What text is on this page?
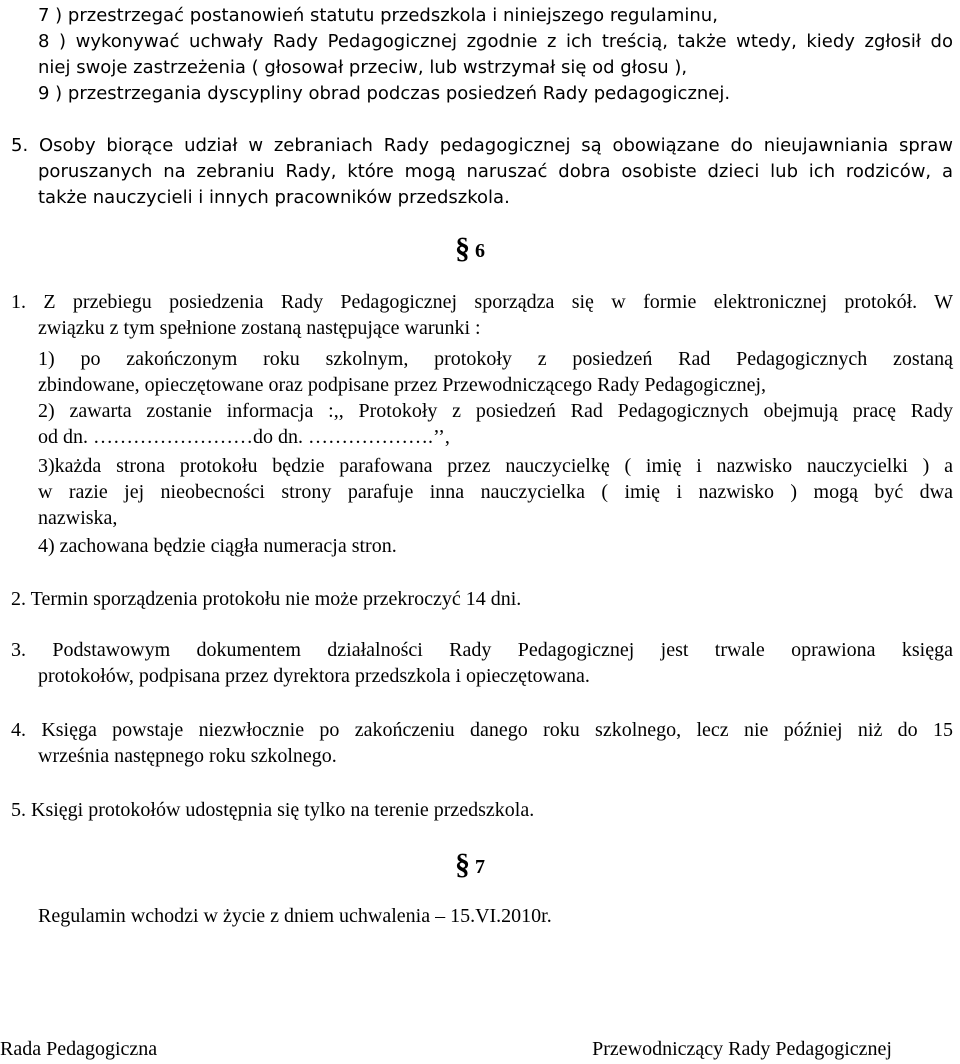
7 ) przestrzegać postanowień statutu przedszkola i niniejszego regulaminu,
8 ) wykonywać uchwały Rady Pedagogicznej zgodnie z ich treścią, także wtedy, kiedy zgłosił do
niej swoje zastrzeżenia ( głosował przeciw, lub wstrzymał się od głosu ),
9 ) przestrzegania dyscypliny obrad podczas posiedzeń Rady pedagogicznej.
5. Osoby biorące udział w zebraniach Rady pedagogicznej są obowiązane do nieujawniania spraw
poruszanych na zebraniu Rady, które mogą naruszać dobra osobiste dzieci lub ich rodziców, a
także nauczycieli i innych pracowników przedszkola.
§ 6
1. Z przebiegu posiedzenia Rady Pedagogicznej sporządza się w formie elektronicznej protokół. W
związku z tym spełnione zostaną następujące warunki :
1) po zakończonym roku szkolnym, protokoły z posiedzeń Rad Pedagogicznych zostaną
zbindowane, opieczętowane oraz podpisane przez Przewodniczącego Rady Pedagogicznej,
2) zawarta zostanie informacja :,, Protokoły z posiedzeń Rad Pedagogicznych obejmują pracę Rady
od dn. ……………………do dn. ……………….’’,
3)każda strona protokołu będzie parafowana przez nauczycielkę ( imię i nazwisko nauczycielki ) a
w razie jej nieobecności strony parafuje inna nauczycielka ( imię i nazwisko ) mogą być dwa
nazwiska,
4) zachowana będzie ciągła numeracja stron.
2. Termin sporządzenia protokołu nie może przekroczyć 14 dni.
3. Podstawowym dokumentem działalności Rady Pedagogicznej jest trwale oprawiona księga
protokołów, podpisana przez dyrektora przedszkola i opieczętowana.
4. Księga powstaje niezwłocznie po zakończeniu danego roku szkolnego, lecz nie później niż do 15
września następnego roku szkolnego.
5. Księgi protokołów udostępnia się tylko na terenie przedszkola.
§ 7
Regulamin wchodzi w życie z dniem uchwalenia – 15.VI.2010r.
Rada Pedagogiczna	Przewodniczący Rady Pedagogicznej
